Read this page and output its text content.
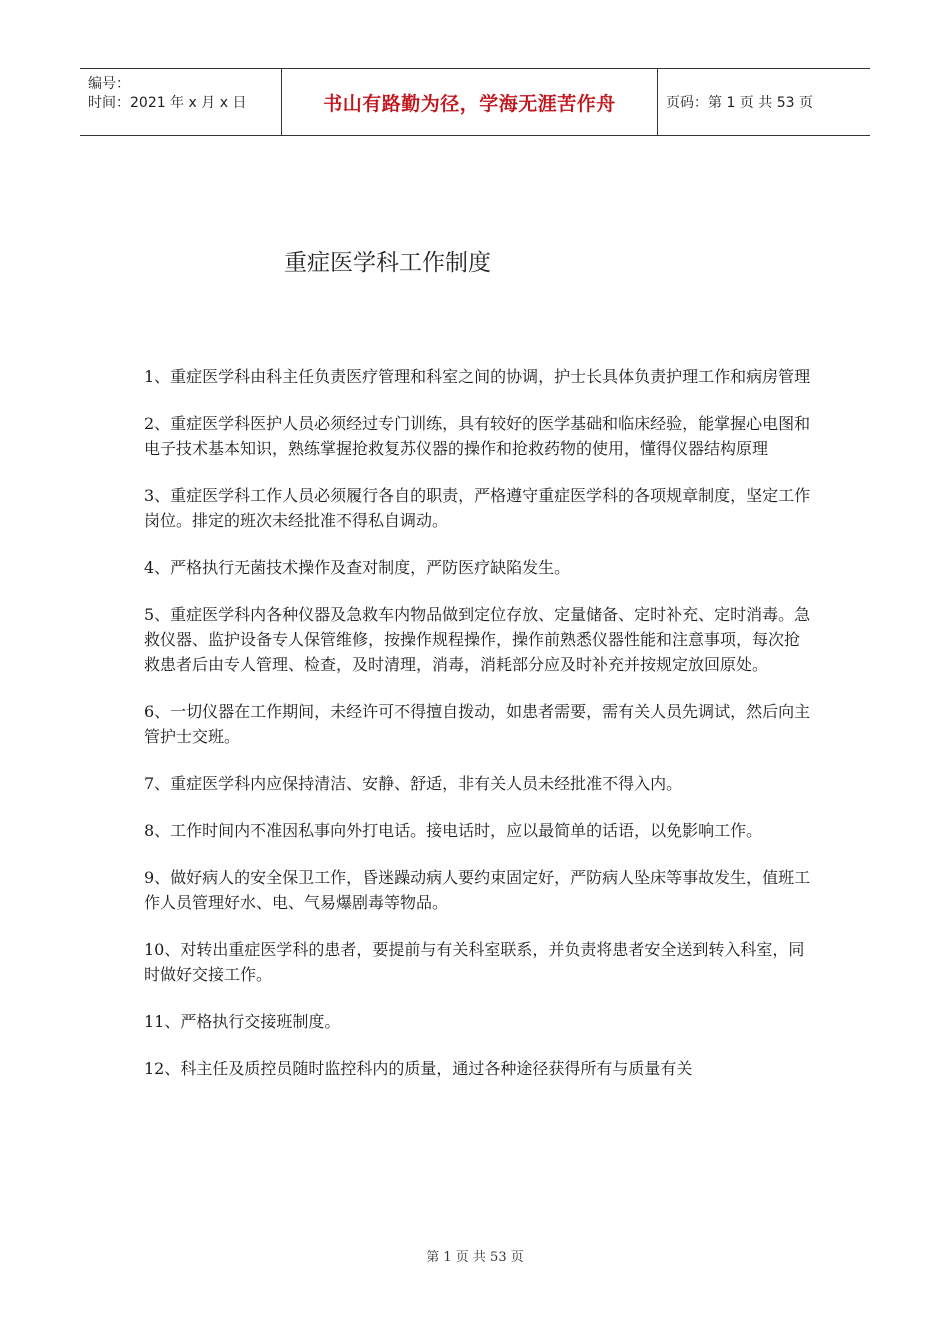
编号：
时间：2021 年 x 月 x 日	书山有路勤为径，学海无涯苦作舟	页码：第 1 页 共 53 页
重症医学科工作制度

1、重症医学科由科主任负责医疗管理和科室之间的协调，护士长具体负责护理工作和病房管理

2、重症医学科医护人员必须经过专门训练，具有较好的医学基础和临床经验，能掌握心电图和电子技术基本知识，熟练掌握抢救复苏仪器的操作和抢救药物的使用，懂得仪器结构原理

3、重症医学科工作人员必须履行各自的职责，严格遵守重症医学科的各项规章制度，坚定工作岗位。排定的班次未经批准不得私自调动。

4、严格执行无菌技术操作及查对制度，严防医疗缺陷发生。

5、重症医学科内各种仪器及急救车内物品做到定位存放、定量储备、定时补充、定时消毒。急救仪器、监护设备专人保管维修，按操作规程操作，操作前熟悉仪器性能和注意事项，每次抢救患者后由专人管理、检查，及时清理，消毒，消耗部分应及时补充并按规定放回原处。

6、一切仪器在工作期间，未经许可不得擅自拨动，如患者需要，需有关人员先调试，然后向主管护士交班。

7、重症医学科内应保持清洁、安静、舒适，非有关人员未经批准不得入内。

8、工作时间内不准因私事向外打电话。接电话时，应以最简单的话语，以免影响工作。

9、做好病人的安全保卫工作，昏迷躁动病人要约束固定好，严防病人坠床等事故发生，值班工作人员管理好水、电、气易爆剧毒等物品。

10、对转出重症医学科的患者，要提前与有关科室联系，并负责将患者安全送到转入科室，同时做好交接工作。

11、严格执行交接班制度。

12、科主任及质控员随时监控科内的质量，通过各种途径获得所有与质量有关

第 1 页 共 53 页
